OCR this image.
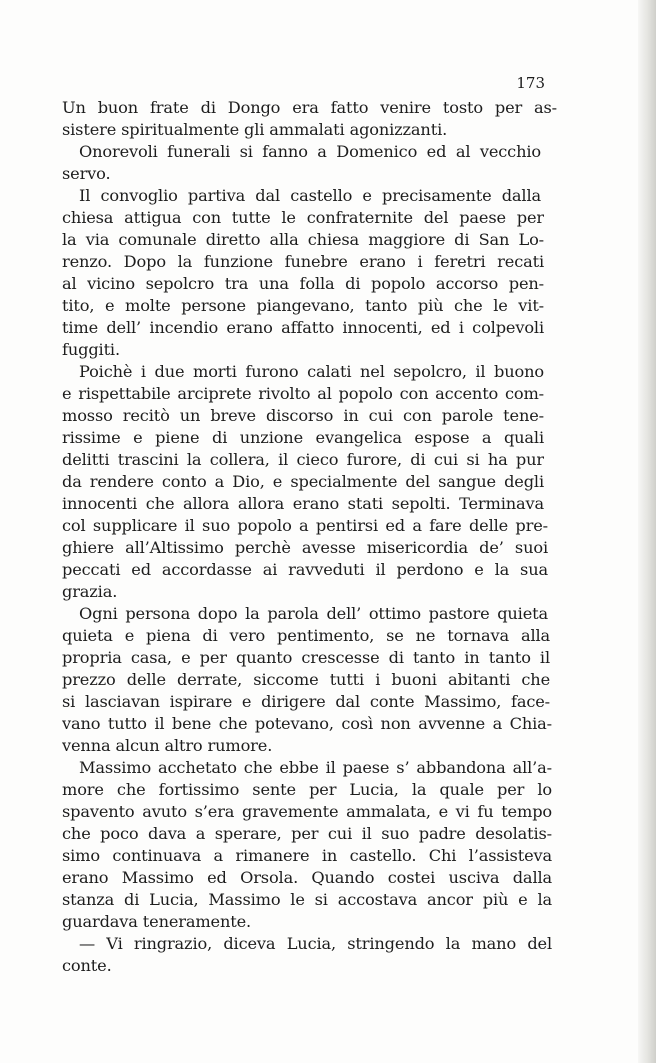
173
Un buon frate di Dongo era fatto venire tosto per as-
sistere spiritualmente gli ammalati agonizzanti.
Onorevoli funerali si fanno a Domenico ed al vecchio
servo.
Il convoglio partiva dal castello e precisamente dalla
chiesa attigua con tutte le confraternite del paese per
la via comunale diretto alla chiesa maggiore di San Lo-
renzo. Dopo la funzione funebre erano i feretri recati
al vicino sepolcro tra una folla di popolo accorso pen-
tito, e molte persone piangevano, tanto più che le vit-
time dell’ incendio erano affatto innocenti, ed i colpevoli
fuggiti.
Poichè i due morti furono calati nel sepolcro, il buono
e rispettabile arciprete rivolto al popolo con accento com-
mosso recitò un breve discorso in cui con parole tene-
rissime e piene di unzione evangelica espose a quali
delitti trascini la collera, il cieco furore, di cui si ha pur
da rendere conto a Dio, e specialmente del sangue degli
innocenti che allora allora erano stati sepolti. Terminava
col supplicare il suo popolo a pentirsi ed a fare delle pre-
ghiere all’Altissimo perchè avesse misericordia de’ suoi
peccati ed accordasse ai ravveduti il perdono e la sua
grazia.
Ogni persona dopo la parola dell’ ottimo pastore quieta
quieta e piena di vero pentimento, se ne tornava alla
propria casa, e per quanto crescesse di tanto in tanto il
prezzo delle derrate, siccome tutti i buoni abitanti che
si lasciavan ispirare e dirigere dal conte Massimo, face-
vano tutto il bene che potevano, così non avvenne a Chia-
venna alcun altro rumore.
Massimo acchetato che ebbe il paese s’ abbandona all’a-
more che fortissimo sente per Lucia, la quale per lo
spavento avuto s’era gravemente ammalata, e vi fu tempo
che poco dava a sperare, per cui il suo padre desolatis-
simo continuava a rimanere in castello. Chi l’assisteva
erano Massimo ed Orsola. Quando costei usciva dalla
stanza di Lucia, Massimo le si accostava ancor più e la
guardava teneramente.
— Vi ringrazio, diceva Lucia, stringendo la mano del
conte.
